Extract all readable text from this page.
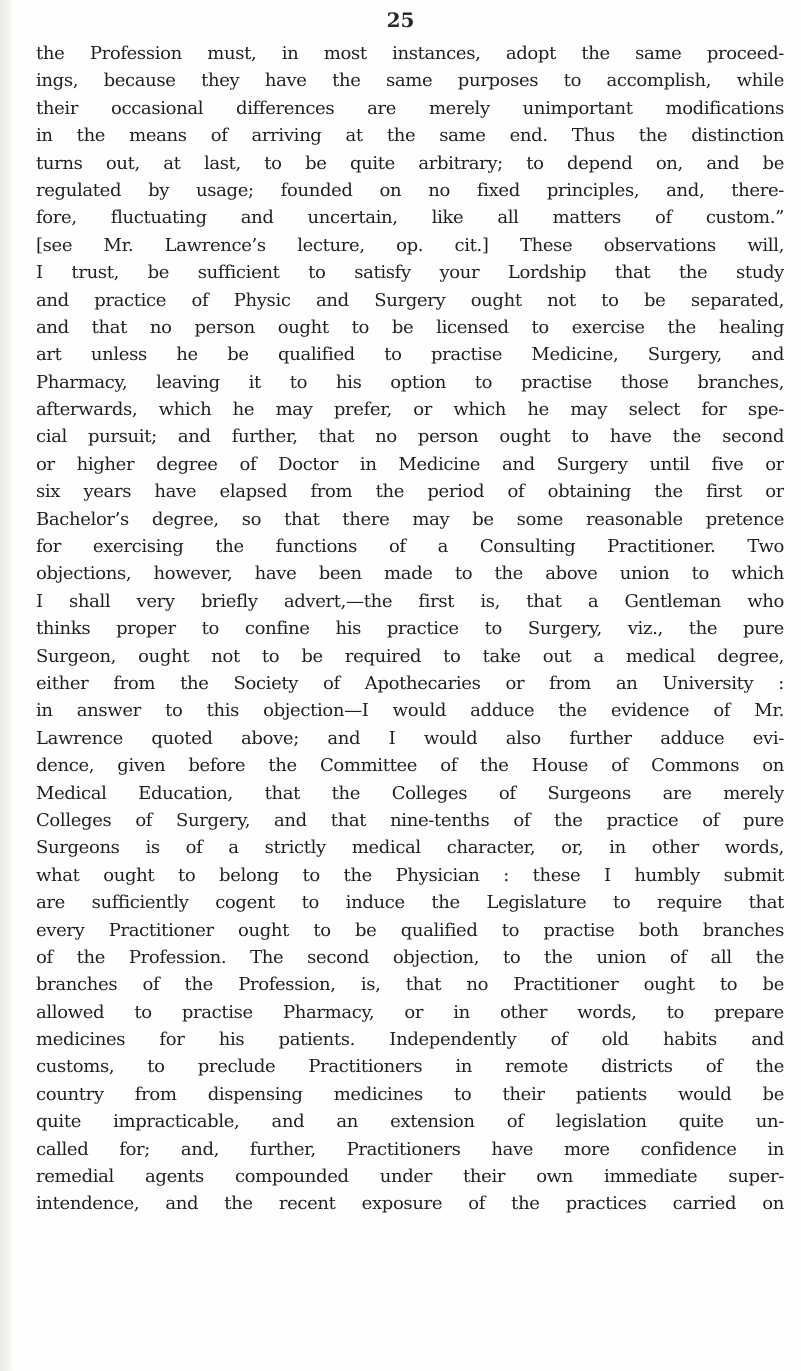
25
the Profession must, in most instances, adopt the same proceed-
ings, because they have the same purposes to accomplish, while
their occasional differences are merely unimportant modifications
in the means of arriving at the same end. Thus the distinction
turns out, at last, to be quite arbitrary; to depend on, and be
regulated by usage; founded on no fixed principles, and, there-
fore, fluctuating and uncertain, like all matters of custom.”
[see Mr. Lawrence’s lecture, op. cit.] These observations will,
I trust, be sufficient to satisfy your Lordship that the study
and practice of Physic and Surgery ought not to be separated,
and that no person ought to be licensed to exercise the healing
art unless he be qualified to practise Medicine, Surgery, and
Pharmacy, leaving it to his option to practise those branches,
afterwards, which he may prefer, or which he may select for spe-
cial pursuit; and further, that no person ought to have the second
or higher degree of Doctor in Medicine and Surgery until five or
six years have elapsed from the period of obtaining the first or
Bachelor’s degree, so that there may be some reasonable pretence
for exercising the functions of a Consulting Practitioner. Two
objections, however, have been made to the above union to which
I shall very briefly advert,—the first is, that a Gentleman who
thinks proper to confine his practice to Surgery, viz., the pure
Surgeon, ought not to be required to take out a medical degree,
either from the Society of Apothecaries or from an University :
in answer to this objection—I would adduce the evidence of Mr.
Lawrence quoted above; and I would also further adduce evi-
dence, given before the Committee of the House of Commons on
Medical Education, that the Colleges of Surgeons are merely
Colleges of Surgery, and that nine-tenths of the practice of pure
Surgeons is of a strictly medical character, or, in other words,
what ought to belong to the Physician : these I humbly submit
are sufficiently cogent to induce the Legislature to require that
every Practitioner ought to be qualified to practise both branches
of the Profession. The second objection, to the union of all the
branches of the Profession, is, that no Practitioner ought to be
allowed to practise Pharmacy, or in other words, to prepare
medicines for his patients. Independently of old habits and
customs, to preclude Practitioners in remote districts of the
country from dispensing medicines to their patients would be
quite impracticable, and an extension of legislation quite un-
called for; and, further, Practitioners have more confidence in
remedial agents compounded under their own immediate super-
intendence, and the recent exposure of the practices carried on
